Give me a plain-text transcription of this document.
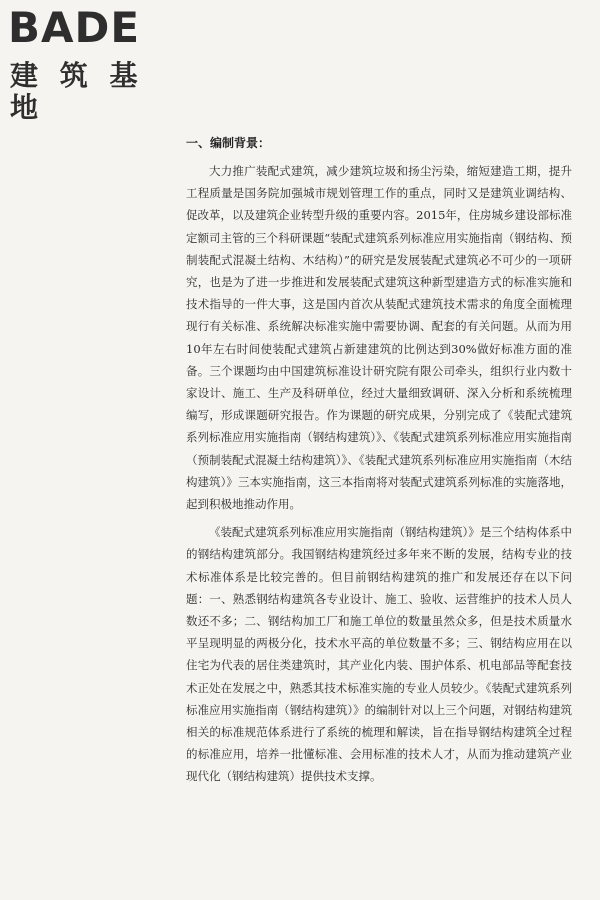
BADE
建 筑 基 地
一、编制背景：

大力推广装配式建筑，减少建筑垃圾和扬尘污染，缩短建造工期，提升工程质量是国务院加强城市规划管理工作的重点，同时又是建筑业调结构、促改革，以及建筑企业转型升级的重要内容。2015年，住房城乡建设部标准定额司主管的三个科研课题“装配式建筑系列标准应用实施指南（钢结构、预制装配式混凝土结构、木结构）”的研究是发展装配式建筑必不可少的一项研究，也是为了进一步推进和发展装配式建筑这种新型建造方式的标准实施和技术指导的一件大事，这是国内首次从装配式建筑技术需求的角度全面梳理现行有关标准、系统解决标准实施中需要协调、配套的有关问题。从而为用10年左右时间使装配式建筑占新建建筑的比例达到30%做好标准方面的准备。三个课题均由中国建筑标准设计研究院有限公司牵头，组织行业内数十家设计、施工、生产及科研单位，经过大量细致调研、深入分析和系统梳理编写，形成课题研究报告。作为课题的研究成果，分别完成了《装配式建筑系列标准应用实施指南（钢结构建筑）》、《装配式建筑系列标准应用实施指南（预制装配式混凝土结构建筑）》、《装配式建筑系列标准应用实施指南（木结构建筑）》三本实施指南，这三本指南将对装配式建筑系列标准的实施落地，起到积极地推动作用。

《装配式建筑系列标准应用实施指南（钢结构建筑）》是三个结构体系中的钢结构建筑部分。我国钢结构建筑经过多年来不断的发展，结构专业的技术标准体系是比较完善的。但目前钢结构建筑的推广和发展还存在以下问题：一、熟悉钢结构建筑各专业设计、施工、验收、运营维护的技术人员人数还不多；二、钢结构加工厂和施工单位的数量虽然众多，但是技术质量水平呈现明显的两极分化，技术水平高的单位数量不多；三、钢结构应用在以住宅为代表的居住类建筑时，其产业化内装、围护体系、机电部品等配套技术正处在发展之中，熟悉其技术标准实施的专业人员较少。《装配式建筑系列标准应用实施指南（钢结构建筑）》的编制针对以上三个问题，对钢结构建筑相关的标准规范体系进行了系统的梳理和解读，旨在指导钢结构建筑全过程的标准应用，培养一批懂标准、会用标准的技术人才，从而为推动建筑产业现代化（钢结构建筑）提供技术支撑。
